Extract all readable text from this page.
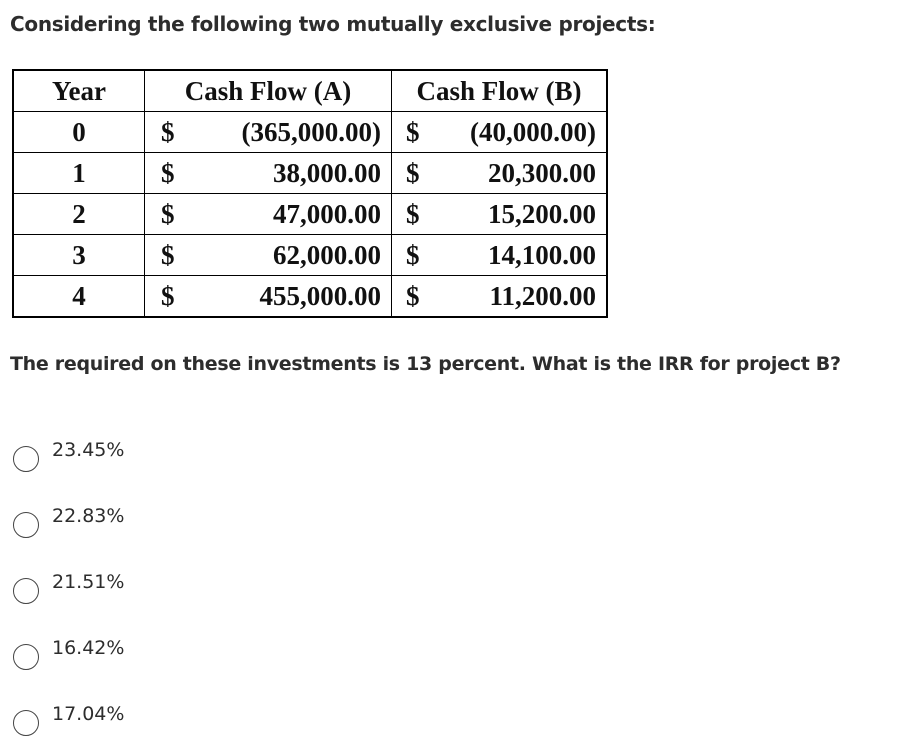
Considering the following two mutually exclusive projects:
Year	Cash Flow (A)		Cash Flow (B)	
0	$	(365,000.00)	$	(40,000.00)
1	$	38,000.00	$	20,300.00
2	$	47,000.00	$	15,200.00
3	$	62,000.00	$	14,100.00
4	$	455,000.00	$	11,200.00
The required on these investments is 13 percent. What is the IRR for project B?
23.45%
22.83%
21.51%
16.42%
17.04%
